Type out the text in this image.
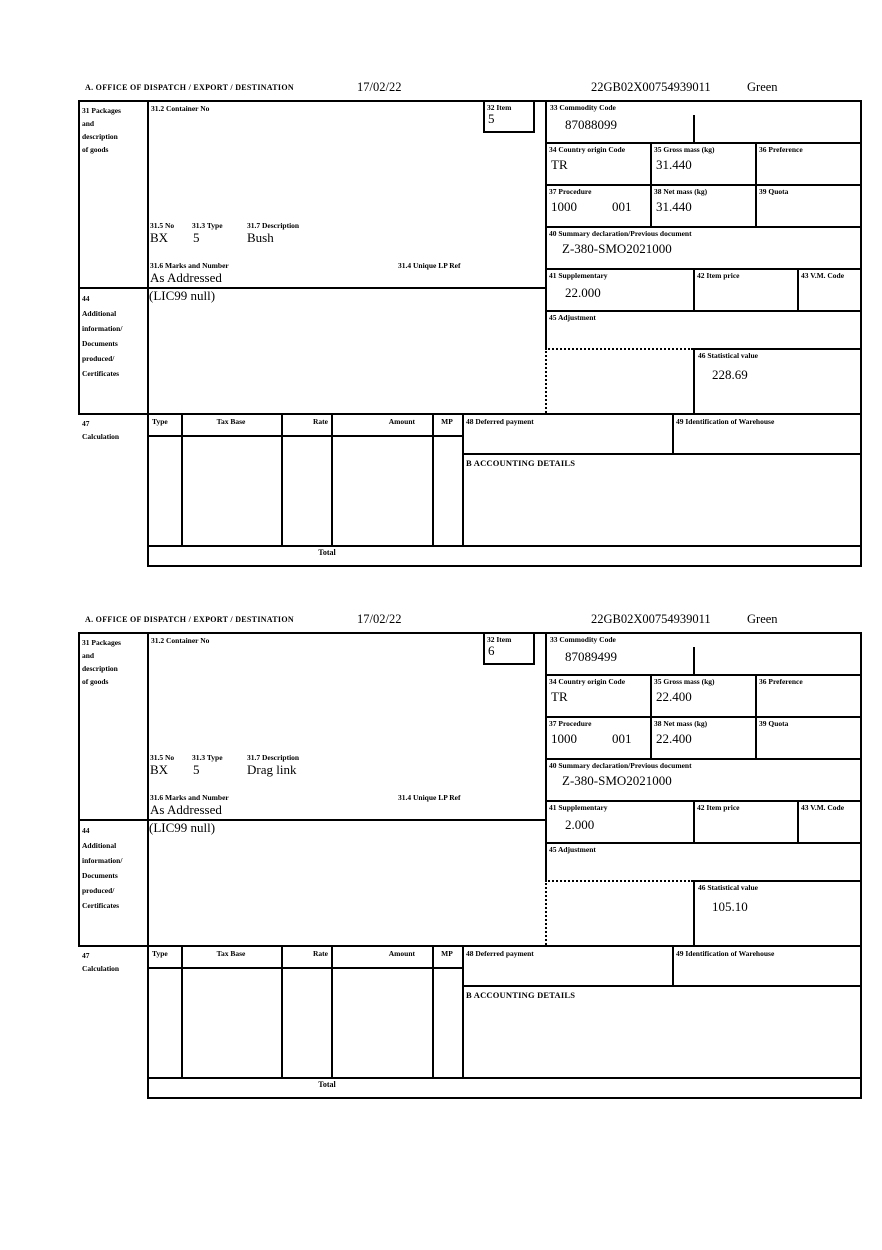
A. OFFICE OF DISPATCH / EXPORT / DESTINATION	17/02/22	22GB02X00754939011	Green
31 Packages
and
description
of goods
31.2 Container No	32 Item
5
33 Commodity Code
87088099
34 Country origin Code
TR
35 Gross mass (kg)
31.440
36 Preference
37 Procedure
1000	001
38 Net mass (kg)
31.440
39 Quota
40 Summary declaration/Previous document
Z-380-SMO2021000
41 Supplementary
22.000
42 Item price	43 V.M. Code
45 Adjustment
46 Statistical value
228.69
31.5 No 31.3 Type	31.7 Description
BX 5	Bush
31.6 Marks and Number	31.4 Unique LP Ref
As Addressed
44
Additional
information/
Documents
produced/
Certificates
(LIC99 null)
47
Calculation
Type	Tax Base	Rate	Amount	MP	48 Deferred payment	49 Identification of Warehouse
B ACCOUNTING DETAILS
Total
A. OFFICE OF DISPATCH / EXPORT / DESTINATION	17/02/22	22GB02X00754939011	Green
31 Packages
and
description
of goods
31.2 Container No	32 Item
6
33 Commodity Code
87089499
34 Country origin Code
TR
35 Gross mass (kg)
22.400
36 Preference
37 Procedure
1000	001
38 Net mass (kg)
22.400
39 Quota
40 Summary declaration/Previous document
Z-380-SMO2021000
41 Supplementary
2.000
42 Item price	43 V.M. Code
45 Adjustment
46 Statistical value
105.10
31.5 No 31.3 Type	31.7 Description
BX 5	Drag link
31.6 Marks and Number	31.4 Unique LP Ref
As Addressed
44
Additional
information/
Documents
produced/
Certificates
(LIC99 null)
47
Calculation
Type	Tax Base	Rate	Amount	MP	48 Deferred payment	49 Identification of Warehouse
B ACCOUNTING DETAILS
Total
